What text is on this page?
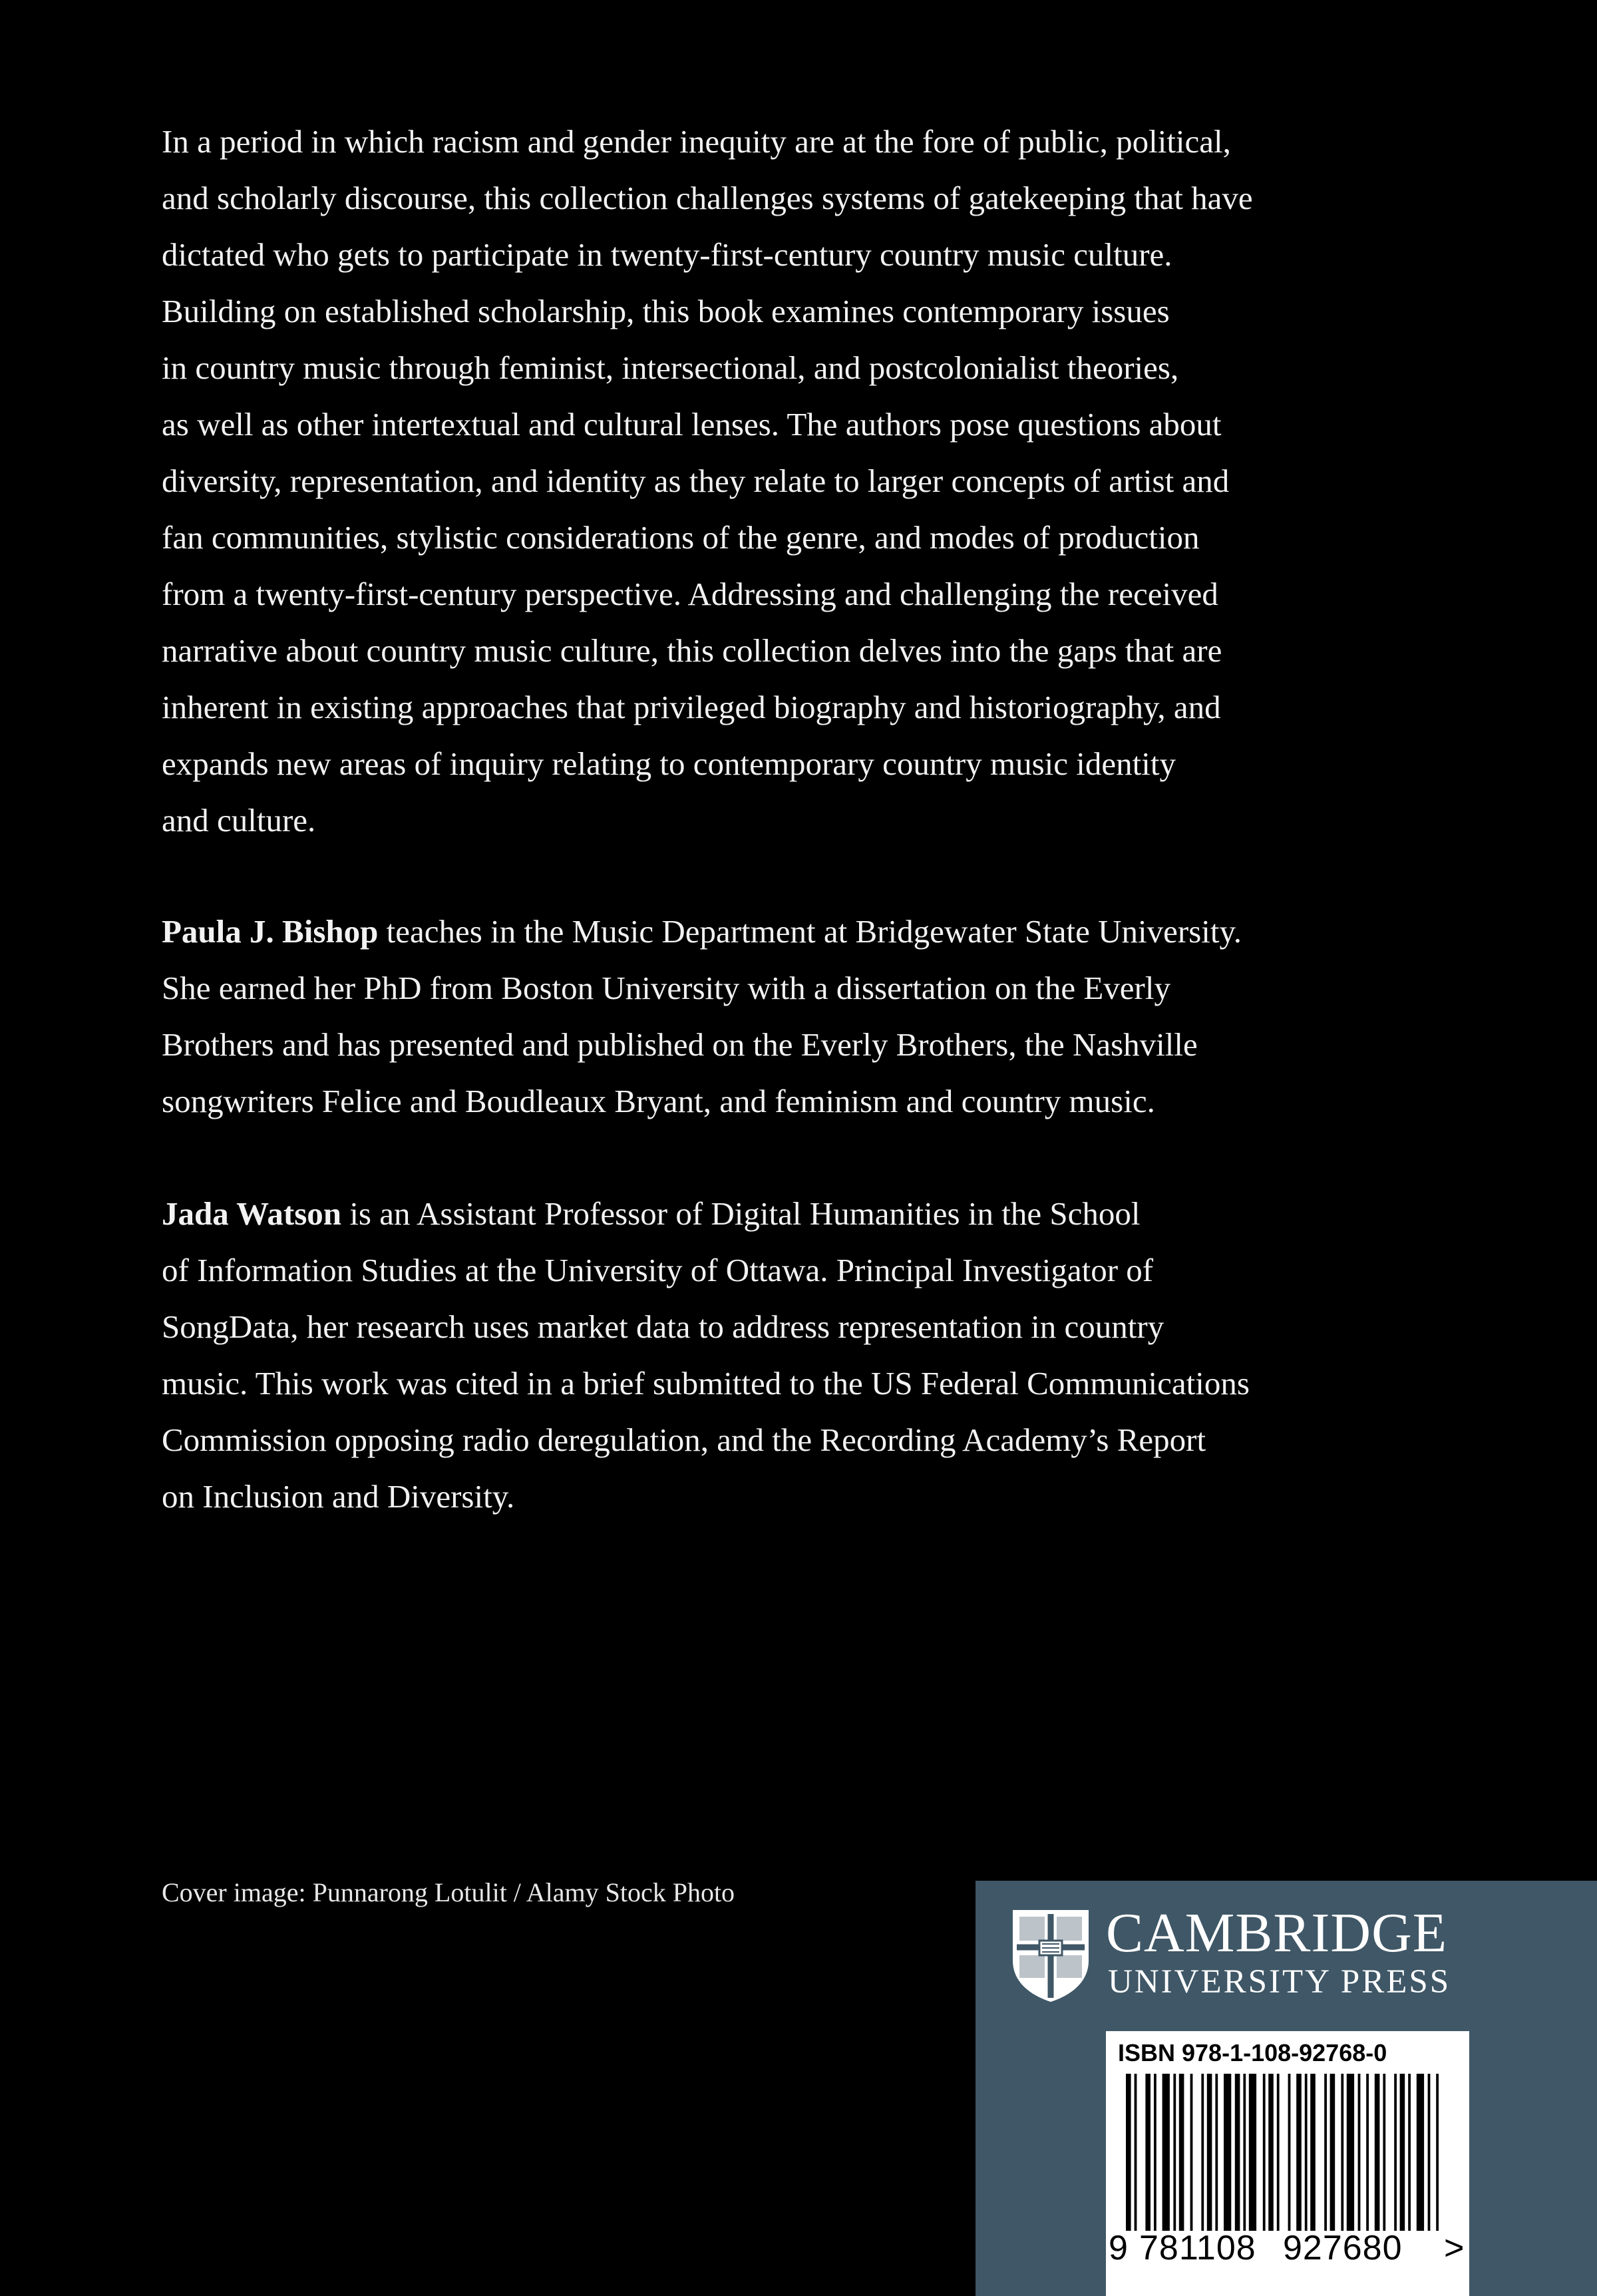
In a period in which racism and gender inequity are at the fore of public, political,
and scholarly discourse, this collection challenges systems of gatekeeping that have
dictated who gets to participate in twenty-first-century country music culture.
Building on established scholarship, this book examines contemporary issues
in country music through feminist, intersectional, and postcolonialist theories,
as well as other intertextual and cultural lenses. The authors pose questions about
diversity, representation, and identity as they relate to larger concepts of artist and
fan communities, stylistic considerations of the genre, and modes of production
from a twenty-first-century perspective. Addressing and challenging the received
narrative about country music culture, this collection delves into the gaps that are
inherent in existing approaches that privileged biography and historiography, and
expands new areas of inquiry relating to contemporary country music identity
and culture.

Paula J. Bishop teaches in the Music Department at Bridgewater State University.
She earned her PhD from Boston University with a dissertation on the Everly
Brothers and has presented and published on the Everly Brothers, the Nashville
songwriters Felice and Boudleaux Bryant, and feminism and country music.

Jada Watson is an Assistant Professor of Digital Humanities in the School
of Information Studies at the University of Ottawa. Principal Investigator of
SongData, her research uses market data to address representation in country
music. This work was cited in a brief submitted to the US Federal Communications
Commission opposing radio deregulation, and the Recording Academy’s Report
on Inclusion and Diversity.

Cover image: Punnarong Lotulit / Alamy Stock Photo
CAMBRIDGE
UNIVERSITY PRESS
ISBN 978-1-108-92768-0
9 781108 927680 >
